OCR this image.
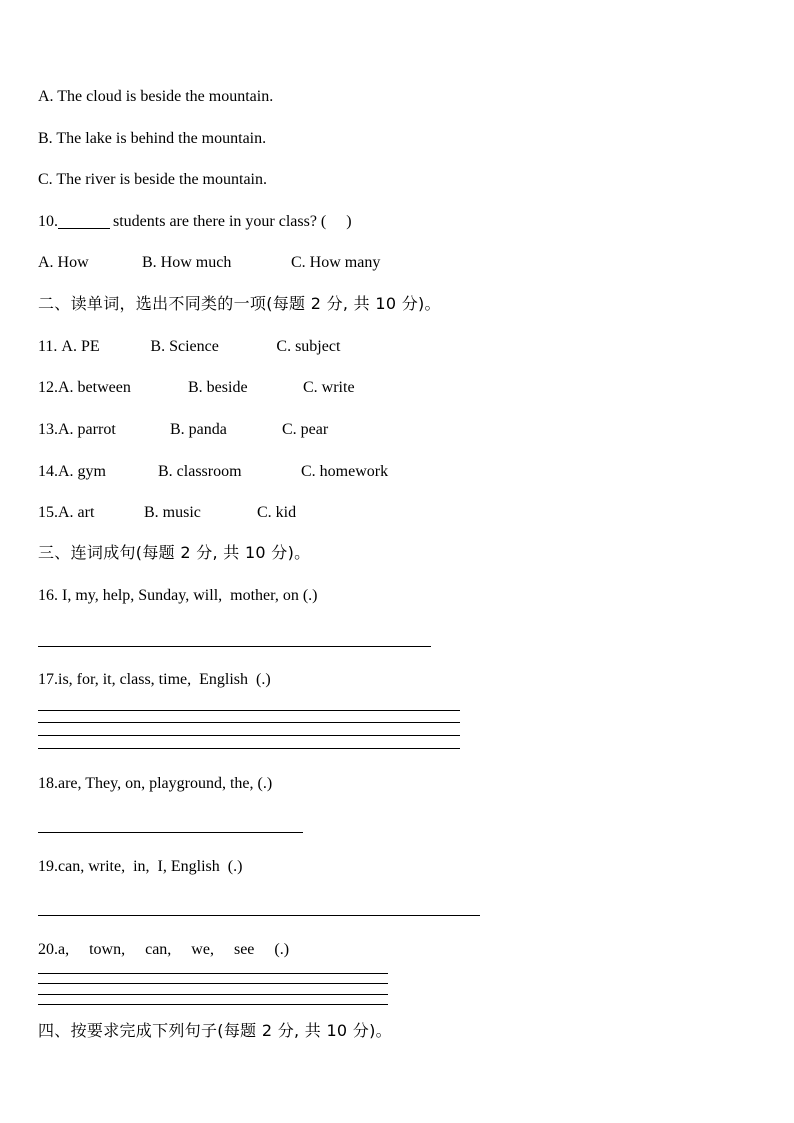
A. The cloud is beside the mountain.
B. The lake is behind the mountain.
C. The river is beside the mountain.
10.	students are there in your class? (     )
A. How	B. How much	C. How many
二、读单词，选出不同类的一项(每题 2 分, 共 10 分)。
11. A. PE	B. Science	C. subject
12.A. between	B. beside	C. write
13.A. parrot	B. panda	C. pear
14.A. gym	B. classroom	C. homework
15.A. art	B. music	C. kid
三、连词成句(每题 2 分, 共 10 分)。
16. I, my, help, Sunday, will,  mother, on (.)
17.is, for, it, class, time,  English  (.)
18.are, They, on, playground, the, (.)
19.can, write,  in,  I, English  (.)
20.a,     town,     can,     we,     see     (.)
四、按要求完成下列句子(每题 2 分, 共 10 分)。
